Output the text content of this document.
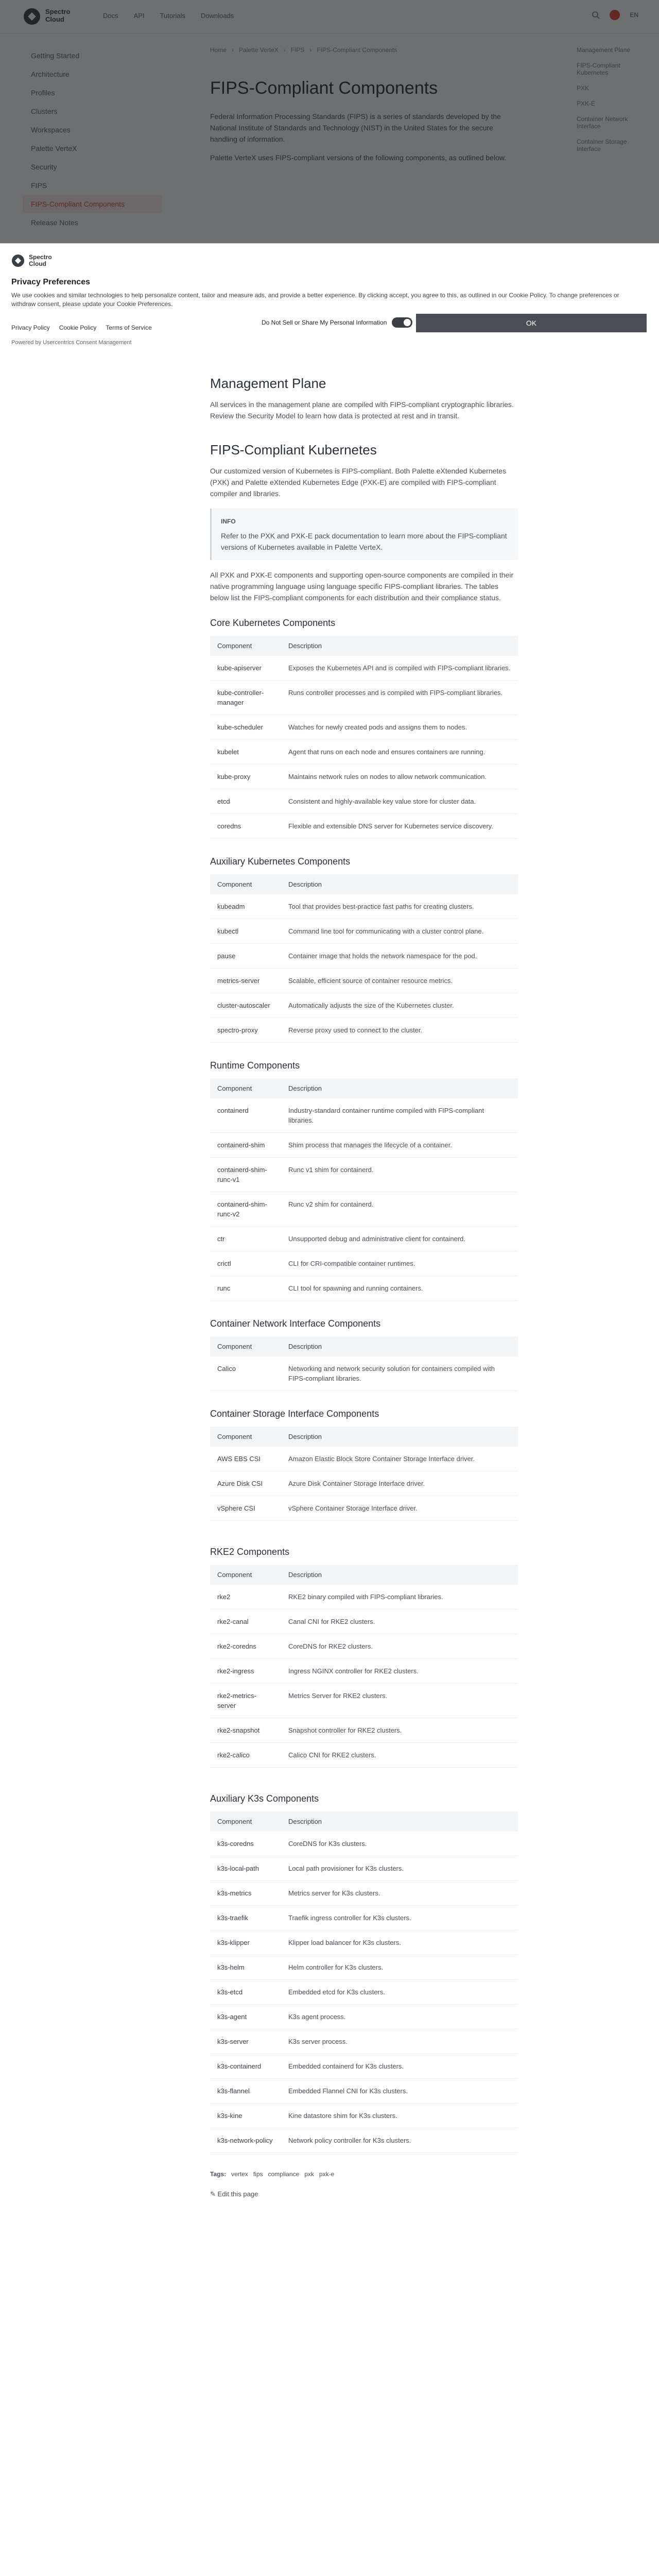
•
•
◦
◦
•
◦
•
◦
Management Plane

All services in the management plane are compiled with FIPS-compliant cryptographic libraries. Review the Security Model to learn how data is protected at rest and in transit.

FIPS-Compliant Kubernetes

Our customized version of Kubernetes is FIPS-compliant. Both Palette eXtended Kubernetes (PXK) and Palette eXtended Kubernetes Edge (PXK-E) are compiled with FIPS-compliant compiler and libraries.

INFO
Refer to the PXK and PXK-E pack documentation to learn more about the FIPS-compliant versions of Kubernetes available in Palette VerteX.

All PXK and PXK-E components and supporting open-source components are compiled in their native programming language using language specific FIPS-compliant libraries. The tables below list the FIPS-compliant components for each distribution and their compliance status.

Core Kubernetes Components
Component	Description
kube-apiserver	Exposes the Kubernetes API and is compiled with FIPS-compliant libraries.
kube-controller-manager	Runs controller processes and is compiled with FIPS-compliant libraries.
kube-scheduler	Watches for newly created pods and assigns them to nodes.
kubelet	Agent that runs on each node and ensures containers are running.
kube-proxy	Maintains network rules on nodes to allow network communication.
etcd	Consistent and highly-available key value store for cluster data.
coredns	Flexible and extensible DNS server for Kubernetes service discovery.
Auxiliary Kubernetes Components
Component	Description
kubeadm	Tool that provides best-practice fast paths for creating clusters.
kubectl	Command line tool for communicating with a cluster control plane.
pause	Container image that holds the network namespace for the pod.
metrics-server	Scalable, efficient source of container resource metrics.
cluster-autoscaler	Automatically adjusts the size of the Kubernetes cluster.
spectro-proxy	Reverse proxy used to connect to the cluster.
Runtime Components
Component	Description
containerd	Industry-standard container runtime compiled with FIPS-compliant libraries.
containerd-shim	Shim process that manages the lifecycle of a container.
containerd-shim-runc-v1	Runc v1 shim for containerd.
containerd-shim-runc-v2	Runc v2 shim for containerd.
ctr	Unsupported debug and administrative client for containerd.
crictl	CLI for CRI-compatible container runtimes.
runc	CLI tool for spawning and running containers.
Container Network Interface Components
Component	Description
Calico	Networking and network security solution for containers compiled with FIPS-compliant libraries.
Container Storage Interface Components
Component	Description
AWS EBS CSI	Amazon Elastic Block Store Container Storage Interface driver.
Azure Disk CSI	Azure Disk Container Storage Interface driver.
vSphere CSI	vSphere Container Storage Interface driver.
RKE2 Components
Component	Description
rke2	RKE2 binary compiled with FIPS-compliant libraries.
rke2-canal	Canal CNI for RKE2 clusters.
rke2-coredns	CoreDNS for RKE2 clusters.
rke2-ingress	Ingress NGINX controller for RKE2 clusters.
rke2-metrics-server	Metrics Server for RKE2 clusters.
rke2-snapshot	Snapshot controller for RKE2 clusters.
rke2-calico	Calico CNI for RKE2 clusters.
Auxiliary K3s Components
Component	Description
k3s-coredns	CoreDNS for K3s clusters.
k3s-local-path	Local path provisioner for K3s clusters.
k3s-metrics	Metrics server for K3s clusters.
k3s-traefik	Traefik ingress controller for K3s clusters.
k3s-klipper	Klipper load balancer for K3s clusters.
k3s-helm	Helm controller for K3s clusters.
k3s-etcd	Embedded etcd for K3s clusters.
k3s-agent	K3s agent process.
k3s-server	K3s server process.
k3s-containerd	Embedded containerd for K3s clusters.
k3s-flannel	Embedded Flannel CNI for K3s clusters.
k3s-kine	Kine datastore shim for K3s clusters.
k3s-network-policy	Network policy controller for K3s clusters.
Tags: vertex fips compliance pxk pxk-e
✎ Edit this page
Spectro
Cloud
Privacy Preferences

We use cookies and similar technologies to help personalize content, tailor and measure ads, and provide a better experience. By clicking accept, you agree to this, as outlined in our Cookie Policy. To change preferences or withdraw consent, please update your Cookie Preferences.

Do Not Sell or Share My Personal Information	OK
Privacy Policy Cookie Policy Terms of Service
Powered by Usercentrics Consent Management
